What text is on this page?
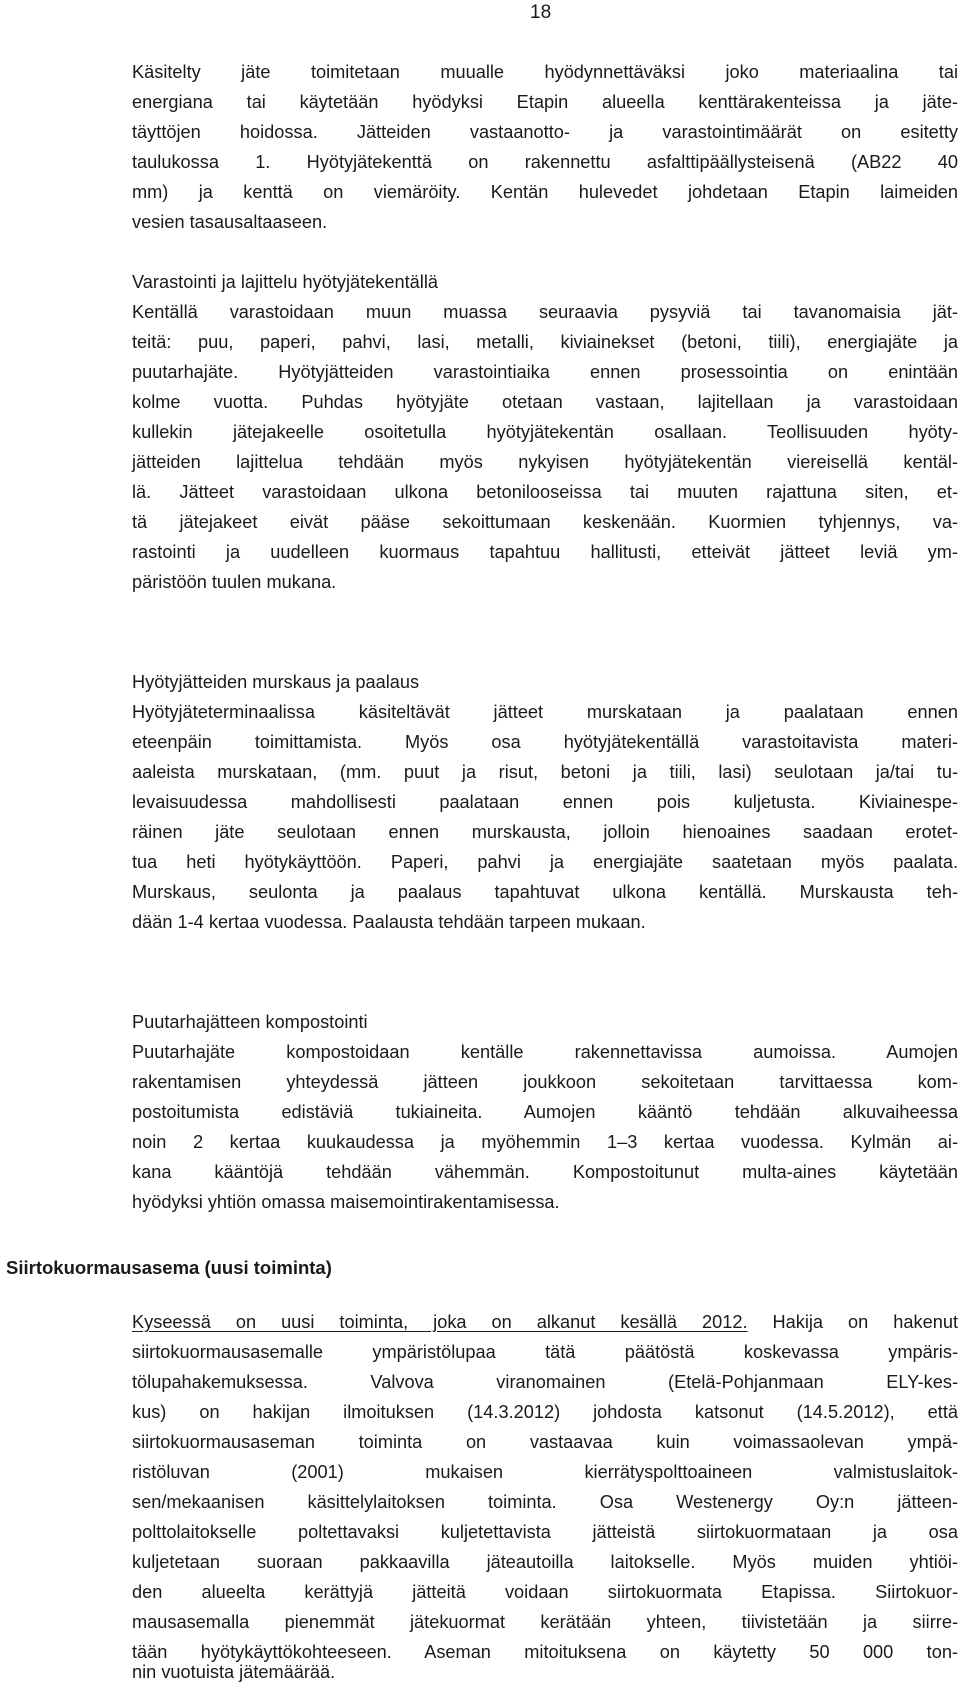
18
Käsitelty jäte toimitetaan muualle hyödynnettäväksi joko materiaalina tai
energiana tai käytetään hyödyksi Etapin alueella kenttärakenteissa ja jäte-
täyttöjen hoidossa. Jätteiden vastaanotto- ja varastointimäärät on esitetty
taulukossa 1. Hyötyjätekenttä on rakennettu asfalttipäällysteisenä (AB22 40
mm) ja kenttä on viemäröity. Kentän hulevedet johdetaan Etapin laimeiden
vesien tasausaltaaseen.
Varastointi ja lajittelu hyötyjätekentällä
Kentällä varastoidaan muun muassa seuraavia pysyviä tai tavanomaisia jät-
teitä: puu, paperi, pahvi, lasi, metalli, kiviainekset (betoni, tiili), energiajäte ja
puutarhajäte. Hyötyjätteiden varastointiaika ennen prosessointia on enintään
kolme vuotta. Puhdas hyötyjäte otetaan vastaan, lajitellaan ja varastoidaan
kullekin jätejakeelle osoitetulla hyötyjätekentän osallaan. Teollisuuden hyöty-
jätteiden lajittelua tehdään myös nykyisen hyötyjätekentän viereisellä kentäl-
lä. Jätteet varastoidaan ulkona betonilooseissa tai muuten rajattuna siten, et-
tä jätejakeet eivät pääse sekoittumaan keskenään. Kuormien tyhjennys, va-
rastointi ja uudelleen kuormaus tapahtuu hallitusti, etteivät jätteet leviä ym-
päristöön tuulen mukana.
Hyötyjätteiden murskaus ja paalaus
Hyötyjäteterminaalissa käsiteltävät jätteet murskataan ja paalataan ennen
eteenpäin toimittamista. Myös osa hyötyjätekentällä varastoitavista materi-
aaleista murskataan, (mm. puut ja risut, betoni ja tiili, lasi) seulotaan ja/tai tu-
levaisuudessa mahdollisesti paalataan ennen pois kuljetusta. Kiviainespe-
räinen jäte seulotaan ennen murskausta, jolloin hienoaines saadaan erotet-
tua heti hyötykäyttöön. Paperi, pahvi ja energiajäte saatetaan myös paalata.
Murskaus, seulonta ja paalaus tapahtuvat ulkona kentällä. Murskausta teh-
dään 1-4 kertaa vuodessa. Paalausta tehdään tarpeen mukaan.
Puutarhajätteen kompostointi
Puutarhajäte kompostoidaan kentälle rakennettavissa aumoissa. Aumojen
rakentamisen yhteydessä jätteen joukkoon sekoitetaan tarvittaessa kom-
postoitumista edistäviä tukiaineita. Aumojen kääntö tehdään alkuvaiheessa
noin 2 kertaa kuukaudessa ja myöhemmin 1–3 kertaa vuodessa. Kylmän ai-
kana kääntöjä tehdään vähemmän. Kompostoitunut multa-aines käytetään
hyödyksi yhtiön omassa maisemointirakentamisessa.
Siirtokuormausasema (uusi toiminta)
Kyseessä on uusi toiminta, joka on alkanut kesällä 2012. Hakija on hakenut
siirtokuormausasemalle ympäristölupaa tätä päätöstä koskevassa ympäris-
tölupahakemuksessa. Valvova viranomainen (Etelä-Pohjanmaan ELY-kes-
kus) on hakijan ilmoituksen (14.3.2012) johdosta katsonut (14.5.2012), että
siirtokuormausaseman toiminta on vastaavaa kuin voimassaolevan ympä-
ristöluvan (2001) mukaisen kierrätyspolttoaineen valmistuslaitok-
sen/mekaanisen käsittelylaitoksen toiminta. Osa Westenergy Oy:n jätteen-
polttolaitokselle poltettavaksi kuljetettavista jätteistä siirtokuormataan ja osa
kuljetetaan suoraan pakkaavilla jäteautoilla laitokselle. Myös muiden yhtiöi-
den alueelta kerättyjä jätteitä voidaan siirtokuormata Etapissa. Siirtokuor-
mausasemalla pienemmät jätekuormat kerätään yhteen, tiivistetään ja siirre-
tään hyötykäyttökohteeseen. Aseman mitoituksena on käytetty 50 000 ton-
nin vuotuista jätemäärää.
